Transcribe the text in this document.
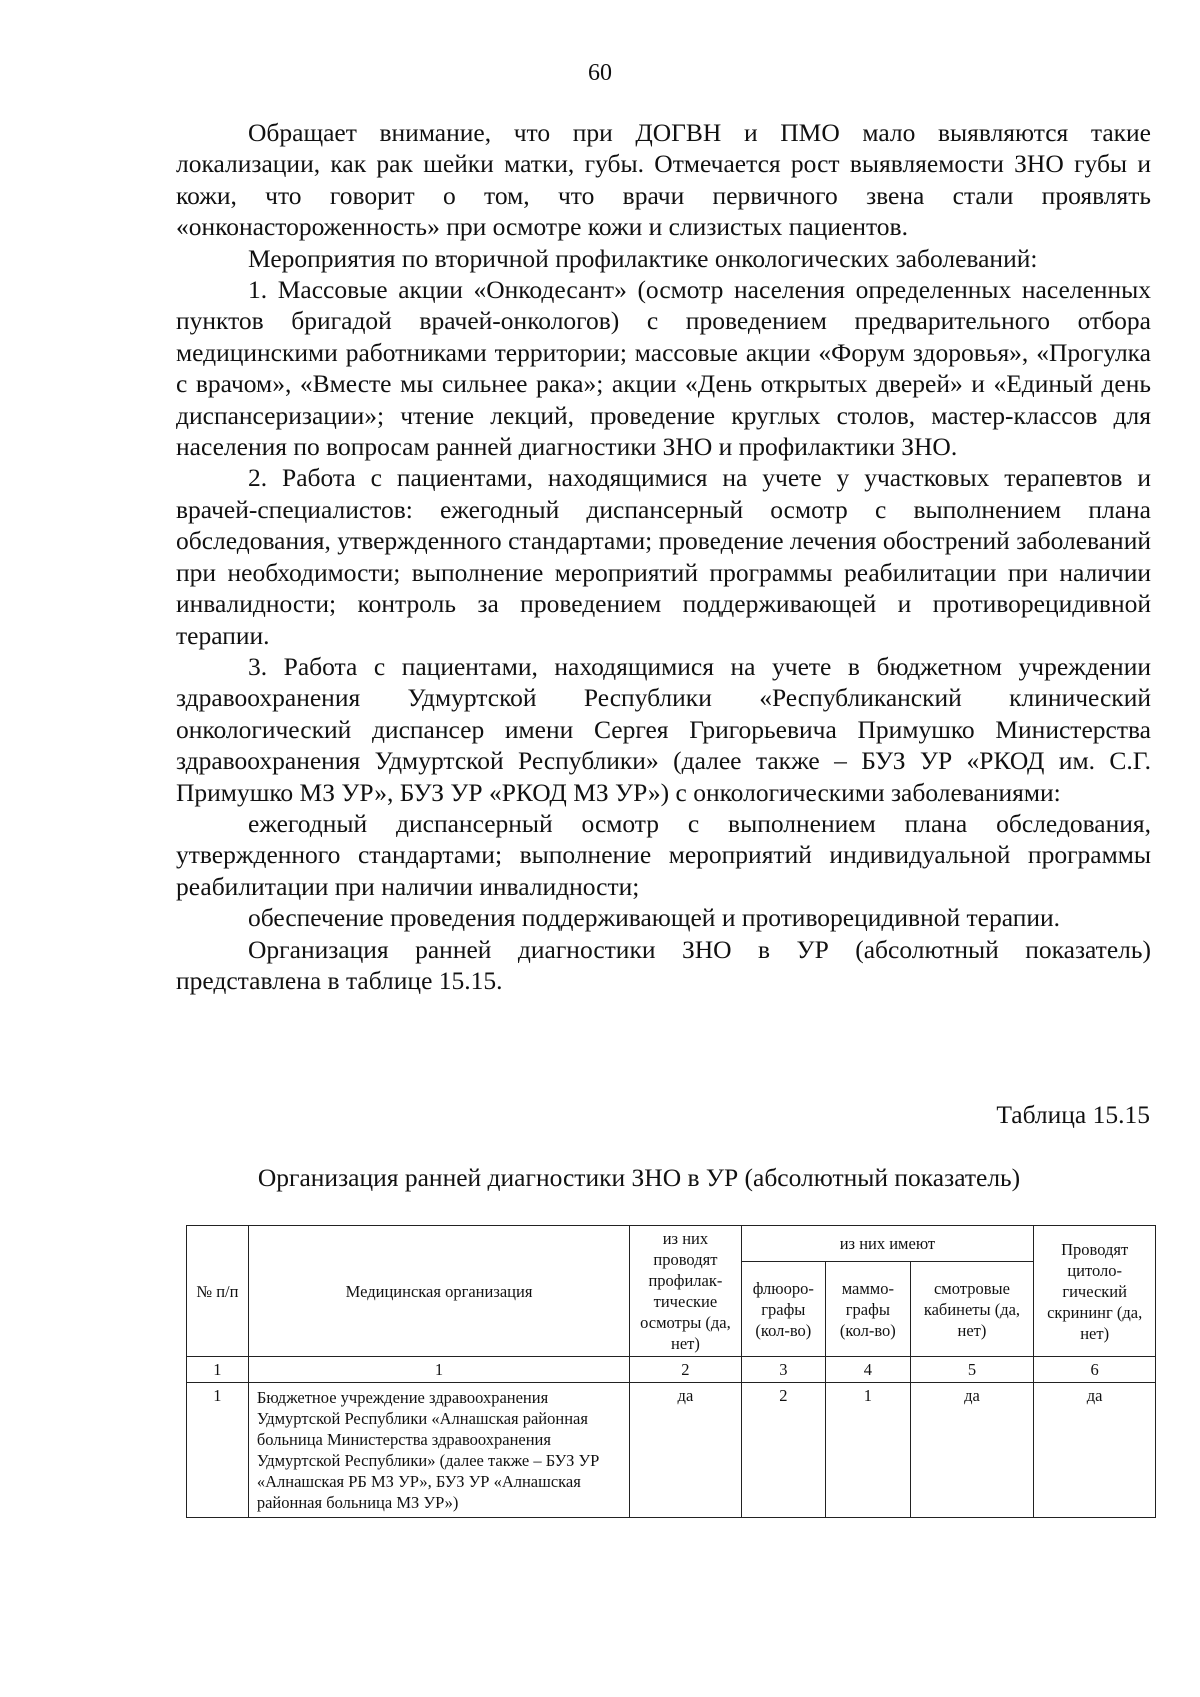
60

Обращает внимание, что при ДОГВН и ПМО мало выявляются такие локализации, как рак шейки матки, губы. Отмечается рост выявляемости ЗНО губы и кожи, что говорит о том, что врачи первичного звена стали проявлять «онконастороженность» при осмотре кожи и слизистых пациентов.

Мероприятия по вторичной профилактике онкологических заболеваний:

1. Массовые акции «Онкодесант» (осмотр населения определенных населенных пунктов бригадой врачей-онкологов) с проведением предварительного отбора медицинскими работниками территории; массовые акции «Форум здоровья», «Прогулка с врачом», «Вместе мы сильнее рака»; акции «День открытых дверей» и «Единый день диспансеризации»; чтение лекций, проведение круглых столов, мастер-классов для населения по вопросам ранней диагностики ЗНО и профилактики ЗНО.

2. Работа с пациентами, находящимися на учете у участковых терапевтов и врачей-специалистов: ежегодный диспансерный осмотр с выполнением плана обследования, утвержденного стандартами; проведение лечения обострений заболеваний при необходимости; выполнение мероприятий программы реабилитации при наличии инвалидности; контроль за проведением поддерживающей и противорецидивной терапии.

3. Работа с пациентами, находящимися на учете в бюджетном учреждении здравоохранения Удмуртской Республики «Республиканский клинический онкологический диспансер имени Сергея Григорьевича Примушко Министерства здравоохранения Удмуртской Республики» (далее также – БУЗ УР «РКОД им. С.Г. Примушко МЗ УР», БУЗ УР «РКОД МЗ УР») с онкологическими заболеваниями:

ежегодный диспансерный осмотр с выполнением плана обследования, утвержденного стандартами; выполнение мероприятий индивидуальной программы реабилитации при наличии инвалидности;

обеспечение проведения поддерживающей и противорецидивной терапии.

Организация ранней диагностики ЗНО в УР (абсолютный показатель) представлена в таблице 15.15.

Таблица 15.15
Организация ранней диагностики ЗНО в УР (абсолютный показатель)
№ п/п	Медицинская организация	из них проводят профилак-тические осмотры (да, нет)	из них имеют			Проводят цитоло-гический скрининг (да, нет)
			флюоро-графы (кол-во)	маммо-графы (кол-во)	смотровые кабинеты (да, нет)	
1	1	2	3	4	5	6
1	Бюджетное учреждение здравоохранения Удмуртской Республики «Алнашская районная больница Министерства здравоохранения Удмуртской Республики» (далее также – БУЗ УР «Алнашская РБ МЗ УР», БУЗ УР «Алнашская районная больница МЗ УР»)	да	2	1	да	да
